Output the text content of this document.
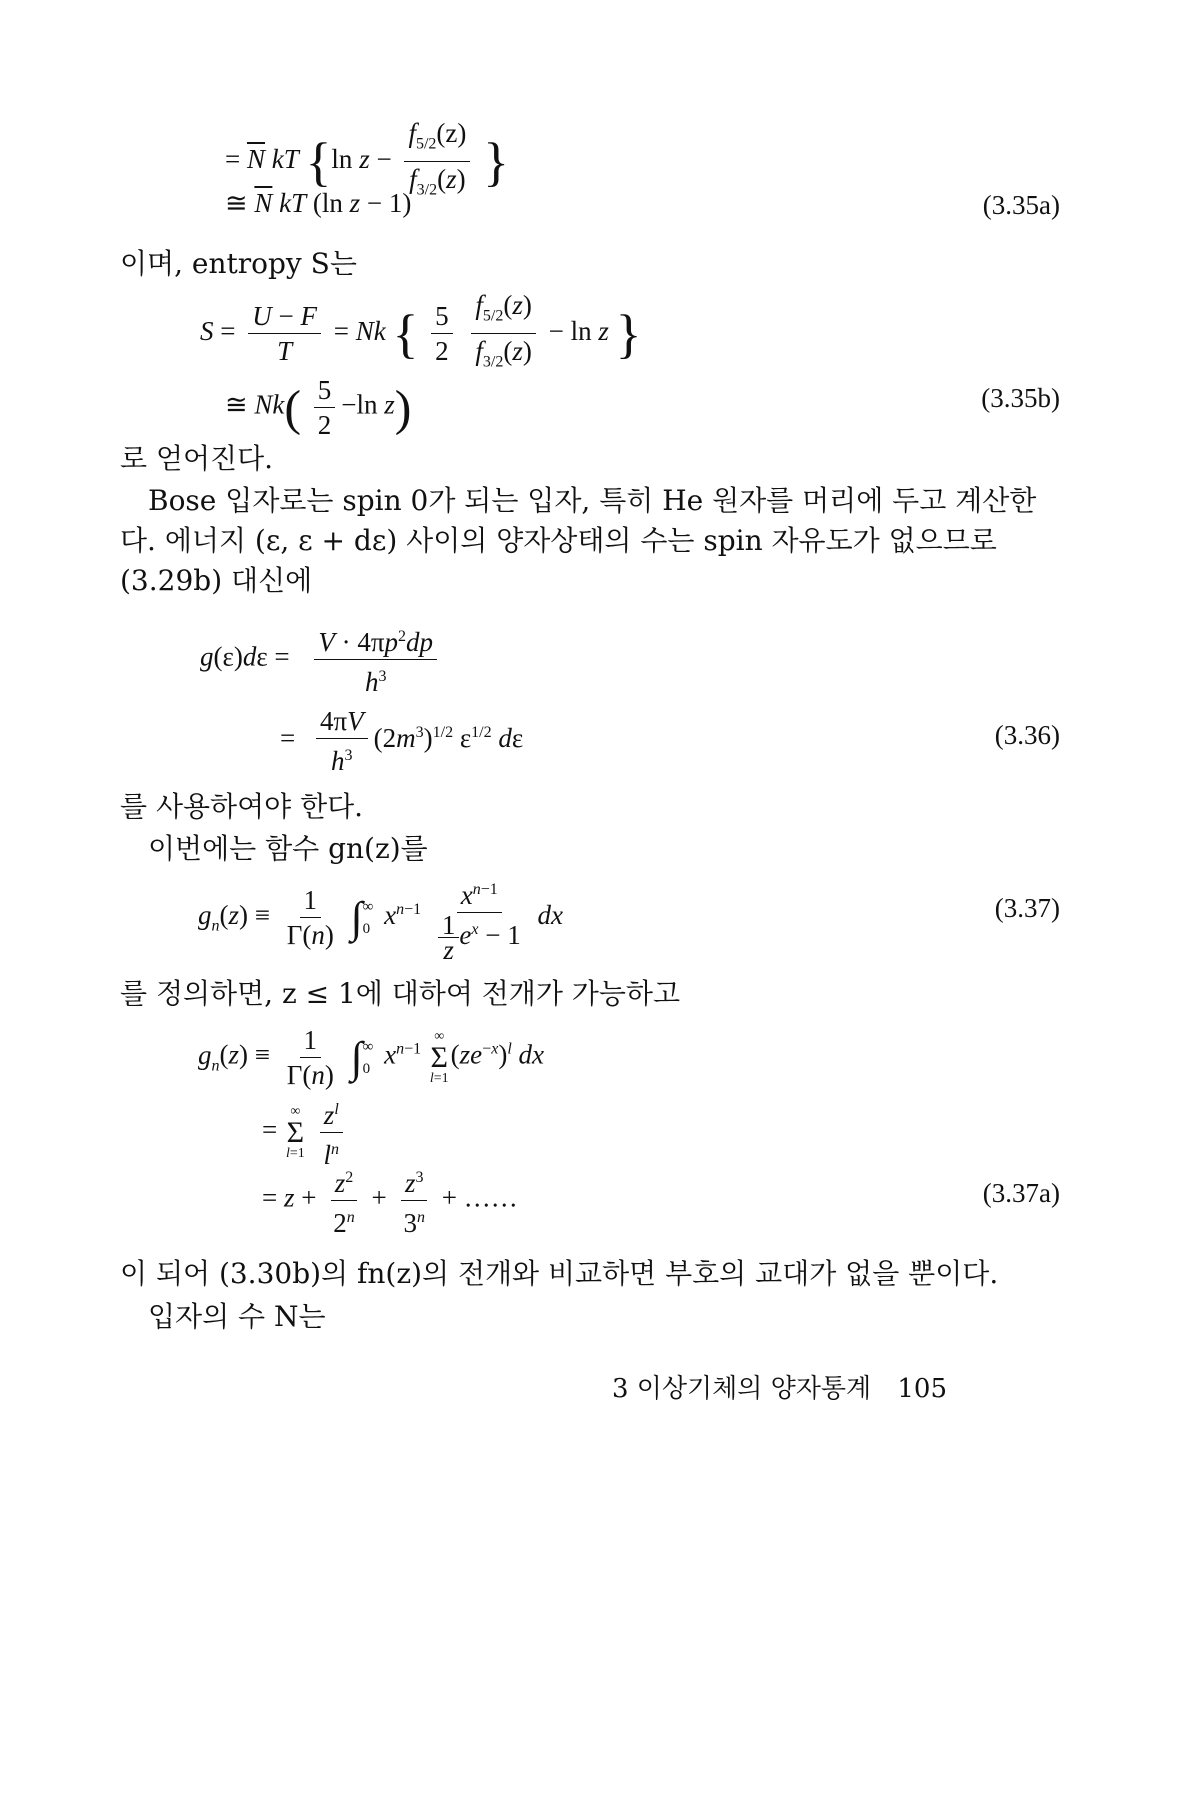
= $\overline{N}$ kT {ln $z - \frac{f_{5/2}(z)}{f_{3/2}(z)}$ }
≅ $\overline{N}$ kT (ln z − 1)	(3.35a)
이며, entropy S는
$S = \frac{U - F}{T} = Nk$ { $\frac{5}{2}$
$\frac{f_{5/2}(z)}{f_{3/2}(z)} - \ln z$ }
≅ $Nk( \frac{5}{2} -\ln$ z)	(3.35b)
로 얻어진다.
Bose 입자로는 spin 0가 되는 입자, 특히 He 원자를 머리에 두고 계산한
다. 에너지 (ε, ε + dε) 사이의 양자상태의 수는 spin 자유도가 없으므로
(3.29b) 대신에
$g(\varepsilon)d\varepsilon = \frac{V \cdot 4\pi p^2dp}{h^3}$
= $\frac{4\pi V}{h^3} (2m^3)^{1/2}$ $\varepsilon^{1/2}$ dε	(3.36)
를 사용하여야 한다.
이번에는 함수 gn(z)를
$g_n(z) \equiv \frac{1}{\Gamma(n)}$ ∫ ∞
0 $x^{n-1} \frac{x^{n-1}}{\frac{1}{z} e^x - 1}$ dx	(3.37)
를 정의하면, z ≤ 1에 대하여 전개가 가능하고
$g_n(z) \equiv \frac{1}{\Gamma(n)}$ ∫ ∞
0 $x^{n-1}$
∞
Σ
l=1
$(ze^{-x})^l$ dx
=
∞
Σ
l=1
$\frac{z^l}{l^n}$
= $z + \frac{z^2}{2^n} + \frac{z^3}{3^n}$ + ……	(3.37a)
이 되어 (3.30b)의 fn(z)의 전개와 비교하면 부호의 교대가 없을 뿐이다.
입자의 수 N는
3 이상기체의 양자통계 105
